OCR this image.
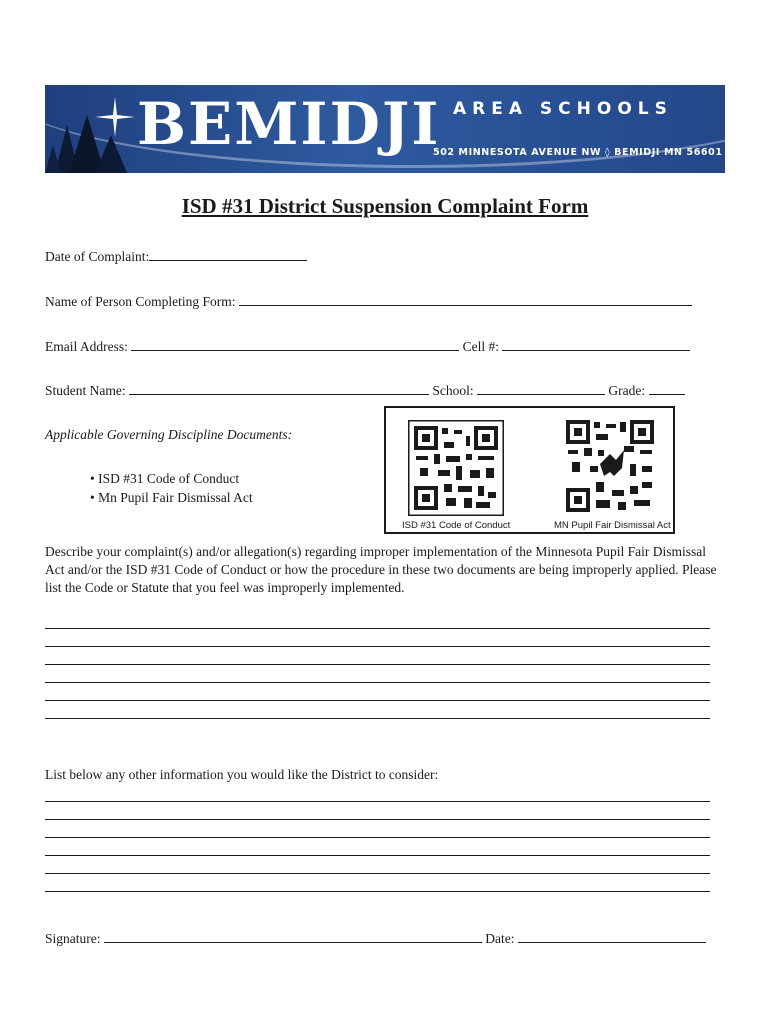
BEMIDJI AREA SCHOOLS
502 MINNESOTA AVENUE NW ◊ BEMIDJI MN 56601
ISD #31 District Suspension Complaint Form
Date of Complaint:
Name of Person Completing Form:
Email Address:	Cell #:
Student Name:	School:	Grade:
Applicable Governing Discipline Documents:
• ISD #31 Code of Conduct
• Mn Pupil Fair Dismissal Act
ISD #31 Code of Conduct	MN Pupil Fair Dismissal Act
Describe your complaint(s) and/or allegation(s) regarding improper implementation of the Minnesota Pupil Fair Dismissal Act and/or the ISD #31 Code of Conduct or how the procedure in these two documents are being improperly applied. Please list the Code or Statute that you feel was improperly implemented.
List below any other information you would like the District to consider:
Signature:	Date:
